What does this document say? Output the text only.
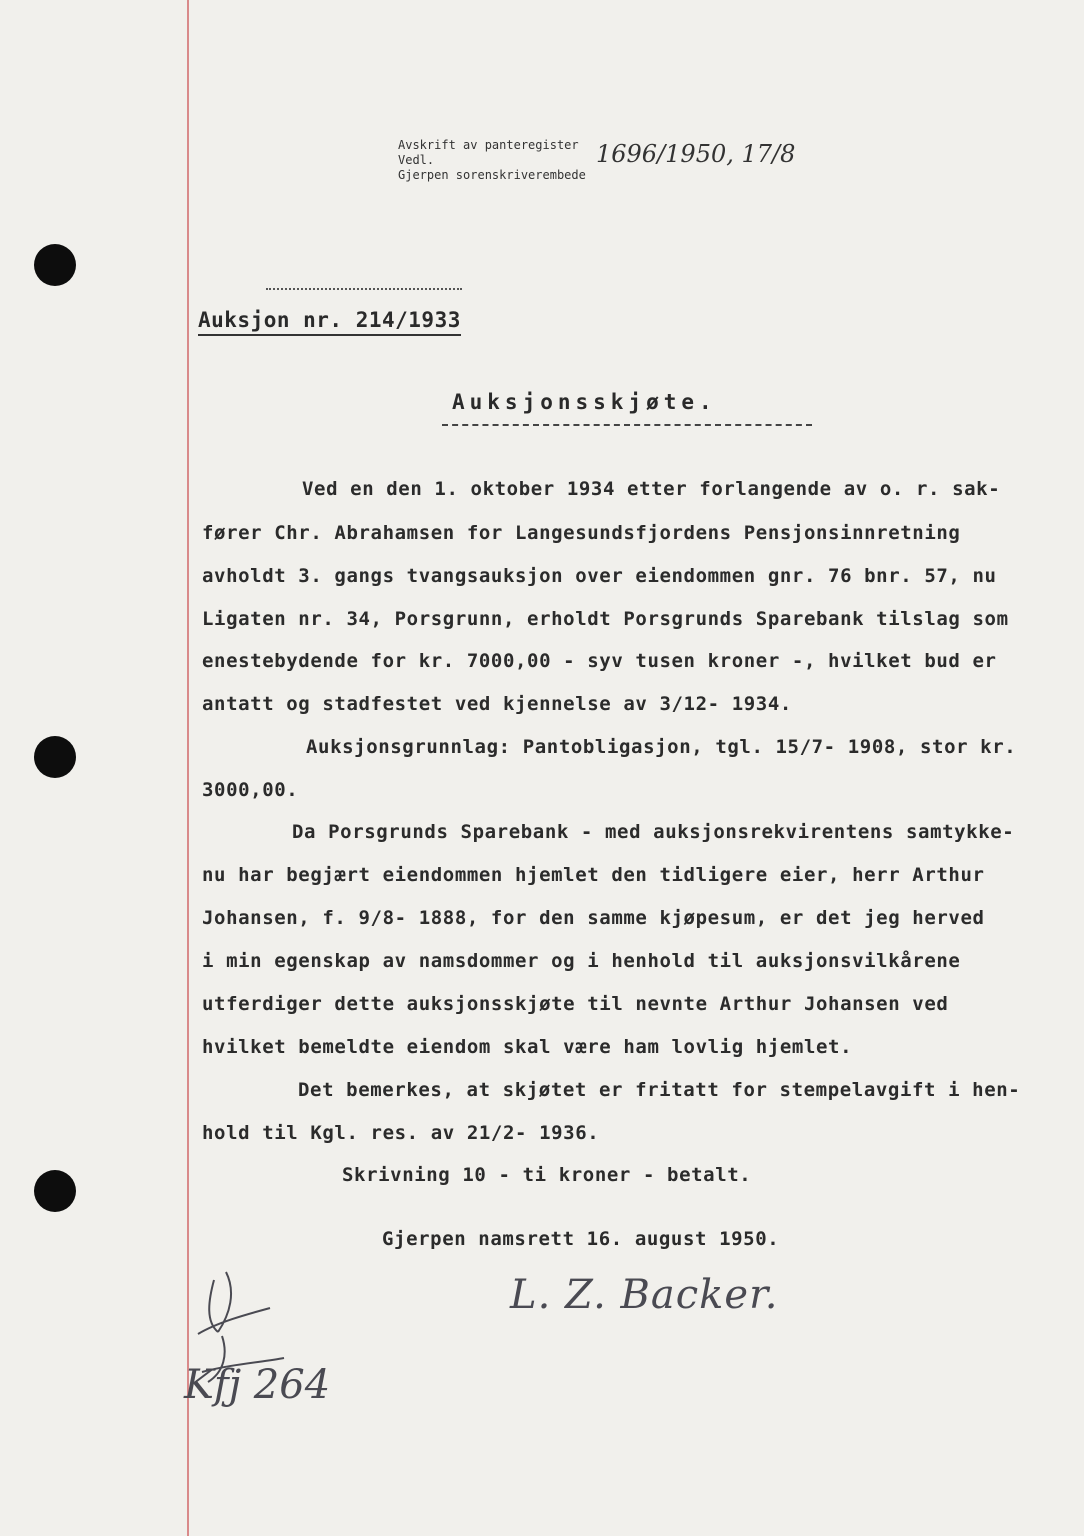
Avskrift av panteregister
Vedl.
Gjerpen sorenskriverembede
1696/1950, 17/8
Auksjon nr. 214/1933
Auksjonsskjøte.
Ved en den 1. oktober 1934 etter forlangende av o. r. sak-
fører Chr. Abrahamsen for Langesundsfjordens Pensjonsinnretning
avholdt 3. gangs tvangsauksjon over eiendommen gnr. 76 bnr. 57, nu
Ligaten nr. 34, Porsgrunn, erholdt Porsgrunds Sparebank tilslag som
enestebydende for kr. 7000,00 - syv tusen kroner -, hvilket bud er
antatt og stadfestet ved kjennelse av 3/12- 1934.
Auksjonsgrunnlag: Pantobligasjon, tgl. 15/7- 1908, stor kr.
3000,00.
Da Porsgrunds Sparebank - med auksjonsrekvirentens samtykke-
nu har begjært eiendommen hjemlet den tidligere eier, herr Arthur
Johansen, f. 9/8- 1888, for den samme kjøpesum, er det jeg herved
i min egenskap av namsdommer og i henhold til auksjonsvilkårene
utferdiger dette auksjonsskjøte til nevnte Arthur Johansen ved
hvilket bemeldte eiendom skal være ham lovlig hjemlet.
Det bemerkes, at skjøtet er fritatt for stempelavgift i hen-
hold til Kgl. res. av 21/2- 1936.
Skrivning 10 - ti kroner - betalt.
Gjerpen namsrett 16. august 1950.
L. Z. Backer.
Kfj 264
